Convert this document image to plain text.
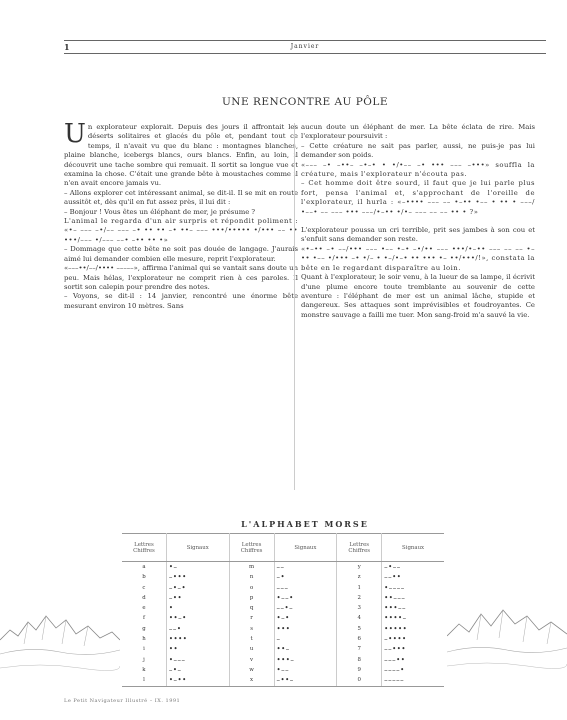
1	Janvier
UNE RENCONTRE AU PÔLE
U n explorateur explorait. Depuis des jours il affrontait les déserts solitaires et glacés du pôle et, pendant tout ce temps, il n'avait vu que du blanc : montagnes blanches, plaine blanche, icebergs blancs, ours blancs. Enfin, au loin, il découvrit une tache sombre qui remuait. Il sortit sa longue vue et examina la chose. C'était une grande bête à moustaches comme il n'en avait encore jamais vu.

– Allons explorer cet intéressant animal, se dit-il. Il se mit en route aussitôt et, dès qu'il en fut assez près, il lui dit :

– Bonjour ! Vous êtes un éléphant de mer, je présume ?

L'animal le regarda d'un air surpris et répondit poliment : «•– ––– –•/–– ––– –• •• •• –• ••– ––– •••/••••• •/••• –– •• •••/––– •/––– ––• –•• •• •»

– Dommage que cette bête ne soit pas douée de langage. J'aurais aimé lui demander combien elle mesure, reprit l'explorateur.

«–––••/––/•••• –––––», affirma l'animal qui se vantait sans doute un peu. Mais hélas, l'explorateur ne comprit rien à ces paroles. Il sortit son calepin pour prendre des notes.

– Voyons, se dit-il : 14 janvier, rencontré une énorme bête mesurant environ 10 mètres. Sans

aucun doute un éléphant de mer. La bête éclata de rire. Mais l'explorateur poursuivit :

– Cette créature ne sait pas parler, aussi, ne puis-je pas lui demander son poids.

«––– –• –••– –•–• • •/•–– –• ••• ––– –•••» souffla la créature, mais l'explorateur n'écouta pas.

– Cet homme doit être sourd, il faut que je lui parle plus fort, pensa l'animal et, s'approchant de l'oreille de l'explorateur, il hurla : «–•••• ––– –– •–•• •–– • •• • –––/•––• –– ––– ••• –––/•–•• •/•– ––– –– –– •• • ?»

L'explorateur poussa un cri terrible, prit ses jambes à son cou et s'enfuit sans demander son reste.

«•–•• –• ––/••• ––– •–– •–• –•/•• ––– •••/•–•• ––– –– –– •–•• •–– •/••• –• •/– • •–/•–• •• ••• •– ••/•••/!», constata la bête en le regardant disparaître au loin.

Quant à l'explorateur, le soir venu, à la lueur de sa lampe, il écrivit d'une plume encore toute tremblante au souvenir de cette aventure : l'éléphant de mer est un animal lâche, stupide et dangereux. Ses attaques sont imprévisibles et foudroyantes. Ce monstre sauvage a failli me tuer. Mon sang-froid m'a sauvé la vie.

L'ALPHABET MORSE
Lettres Chiffres	Signaux	Lettres Chiffres	Signaux	Lettres Chiffres	Signaux
a	•–	m	––	y	–•––
b	–•••	n	–•	z	––••
c	–•–•	o	–––	1	•––––
d	–••	p	•––•	2	••–––
e	•	q	––•–	3	•••––
f	••–•	r	•–•	4	••••–
g	––•	s	•••	5	•••••
h	••••	t	–	6	–••••
i	••	u	••–	7	––•••
j	•–––	v	•••–	8	–––••
k	–•–	w	•––	9	––––•
l	•–••	x	–••–	0	–––––
Le Petit Navigateur Illustré – IX. 1991
